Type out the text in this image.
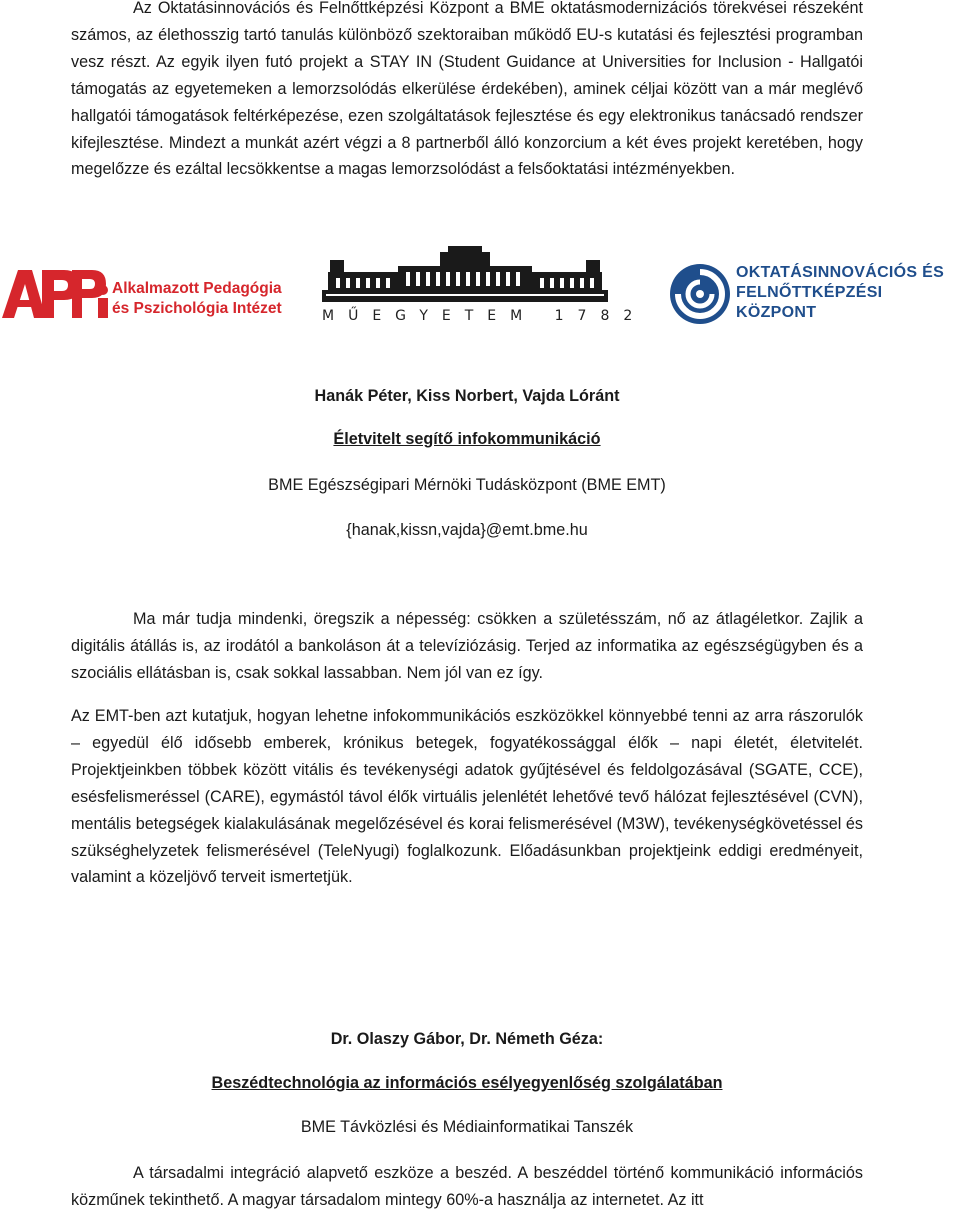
Az Oktatásinnovációs és Felnőttképzési Központ a BME oktatásmodernizációs törekvései részeként számos, az élethosszig tartó tanulás különböző szektoraiban működő EU-s kutatási és fejlesztési programban vesz részt. Az egyik ilyen futó projekt a STAY IN (Student Guidance at Universities for Inclusion - Hallgatói támogatás az egyetemeken a lemorzsolódás elkerülése érdekében), aminek céljai között van a már meglévő hallgatói támogatások feltérképezése, ezen szolgáltatások fejlesztése és egy elektronikus tanácsadó rendszer kifejlesztése. Mindezt a munkát azért végzi a 8 partnerből álló konzorcium a két éves projekt keretében, hogy megelőzze és ezáltal lecsökkentse a magas lemorzsolódást a felsőoktatási intézményekben.

Alkalmazott Pedagógia
és Pszichológia Intézet	MŰEGYETEM 1782
OKTATÁSINNOVÁCIÓS ÉS
FELNŐTTKÉPZÉSI
KÖZPONT

Hanák Péter, Kiss Norbert, Vajda Lóránt

Életvitelt segítő infokommunikáció

BME Egészségipari Mérnöki Tudásközpont (BME EMT)

{hanak,kissn,vajda}@emt.bme.hu

Ma már tudja mindenki, öregszik a népesség: csökken a születésszám, nő az átlagéletkor. Zajlik a digitális átállás is, az irodától a bankoláson át a televíziózásig. Terjed az informatika az egészségügyben és a szociális ellátásban is, csak sokkal lassabban. Nem jól van ez így.

Az EMT-ben azt kutatjuk, hogyan lehetne infokommunikációs eszközökkel könnyebbé tenni az arra rászorulók – egyedül élő idősebb emberek, krónikus betegek, fogyatékossággal élők – napi életét, életvitelét. Projektjeinkben többek között vitális és tevékenységi adatok gyűjtésével és feldolgozásával (SGATE, CCE), esésfelismeréssel (CARE), egymástól távol élők virtuális jelenlétét lehetővé tevő hálózat fejlesztésével (CVN), mentális betegségek kialakulásának megelőzésével és korai felismerésével (M3W), tevékenységkövetéssel és szükséghelyzetek felismerésével (TeleNyugi) foglalkozunk. Előadásunkban projektjeink eddigi eredményeit, valamint a közeljövő terveit ismertetjük.

Dr. Olaszy Gábor, Dr. Németh Géza:

Beszédtechnológia az információs esélyegyenlőség szolgálatában

BME Távközlési és Médiainformatikai Tanszék

A társadalmi integráció alapvető eszköze a beszéd. A beszéddel történő kommunikáció információs közműnek tekinthető. A magyar társadalom mintegy 60%-a használja az internetet. Az itt
